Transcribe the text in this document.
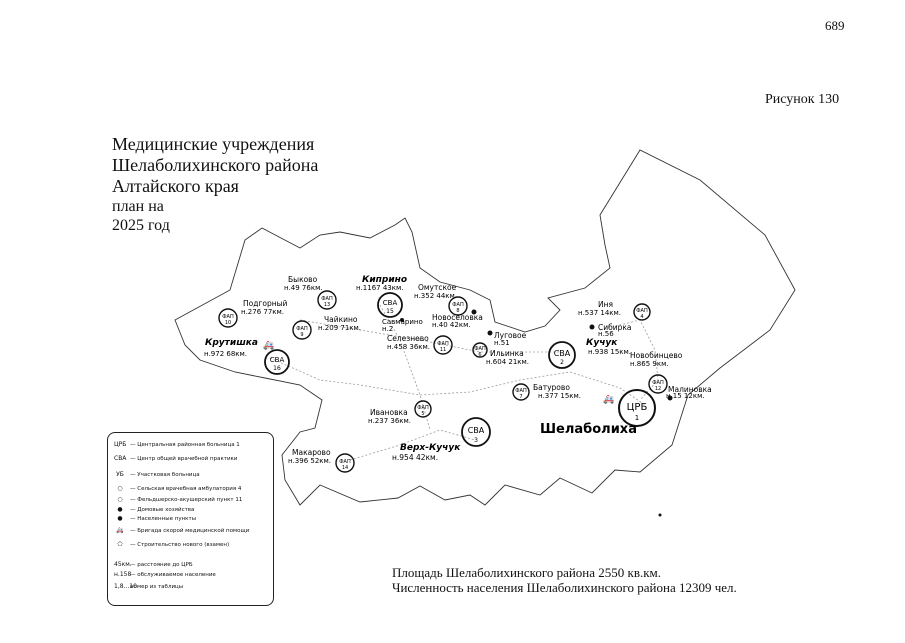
689
Рисунок 130
Медицинские учреждения
Шелаболихинского района
Алтайского края
план на
2025 год
ЦРБ
1
СВА
2
СВА
3
СВА
15
СВА
16
ФАП
4
ФАП
5
ФАП
6
ФАП
7
ФАП
8
ФАП
9
ФАП
10
ФАП
11
ФАП
12
ФАП
13
ФАП
14
🚑
🚑
Быково
н.49 76км.
Киприно
н.1167 43км. Омутское
н.352 44км.
Подгорный
н.276 77км.
Чайкино
н.209 71км.
Савмарино
н.2
Новоселовка
н.40 42км.
Луговое
н.51
Селезнево
н.458 36км.
Ильинка
н.604 21км.
Крутишка
н.972 68км.
Иня
н.537 14км.
Сибирка
н.56
Кучук
н.938 15км.
Новобинцево
н.865 9км.
Малиновка
н.15 12км.
Батурово
н.377 15км.
Ивановка
н.237 36км.
Верх-Кучук
н.954 42км.
Макарово
н.396 52км.
Шелаболиха
ЦРБ — Центральная районная больница 1
СВА — Центр общей врачебной практики
УБ	— Участковая больница
○	— Сельская врачебная амбулатория 4
○	— Фельдшерско-акушерский пункт 11
●	— Домовые хозяйства
●	— Населенные пункты
🚑	— Бригада скорой медицинской помощи
⬠	— Строительство нового (взамен)
45км.
— расстояние до ЦРБ
н.158
— обслуживаемое население
1,8...10
номер из таблицы
Площадь Шелаболихинского района 2550 кв.км.
Численность населения Шелаболихинского района 12309 чел.
